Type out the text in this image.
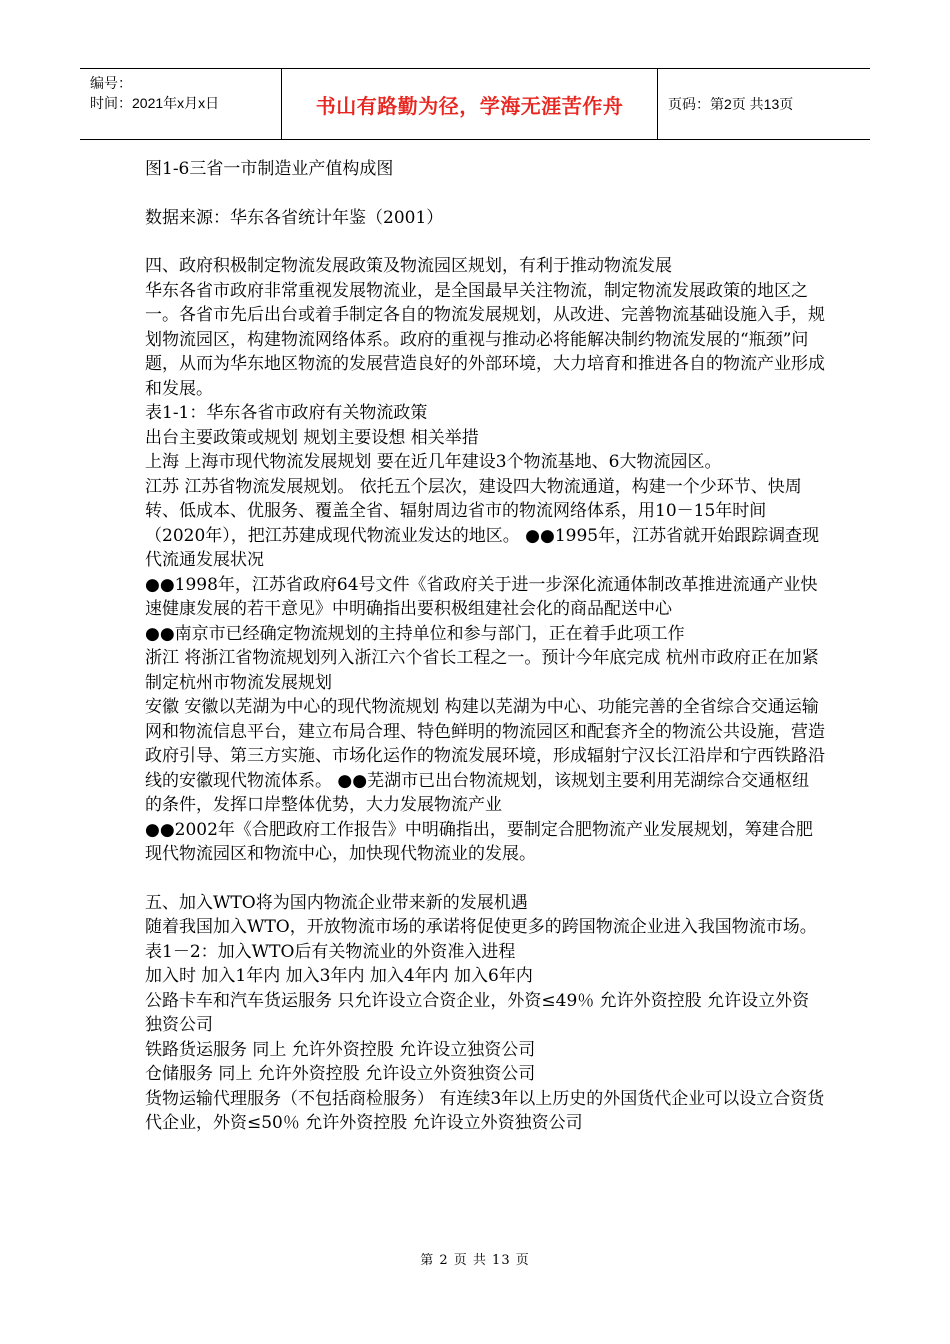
编号：
时间：2021年x月x日	书山有路勤为径，学海无涯苦作舟	页码：第2页 共13页

图1-6三省一市制造业产值构成图

数据来源：华东各省统计年鉴（2001）

四、政府积极制定物流发展政策及物流园区规划，有利于推动物流发展

华东各省市政府非常重视发展物流业，是全国最早关注物流，制定物流发展政策的地区之一。各省市先后出台或着手制定各自的物流发展规划，从改进、完善物流基础设施入手，规划物流园区，构建物流网络体系。政府的重视与推动必将能解决制约物流发展的“瓶颈”问题，从而为华东地区物流的发展营造良好的外部环境，大力培育和推进各自的物流产业形成和发展。

表1-1：华东各省市政府有关物流政策

出台主要政策或规划 规划主要设想 相关举措

上海 上海市现代物流发展规划 要在近几年建设3个物流基地、6大物流园区。

江苏 江苏省物流发展规划。 依托五个层次，建设四大物流通道，构建一个少环节、快周转、低成本、优服务、覆盖全省、辐射周边省市的物流网络体系，用10－15年时间（2020年），把江苏建成现代物流业发达的地区。 ●●1995年，江苏省就开始跟踪调查现代流通发展状况

●●1998年，江苏省政府64号文件《省政府关于进一步深化流通体制改革推进流通产业快速健康发展的若干意见》中明确指出要积极组建社会化的商品配送中心

●●南京市已经确定物流规划的主持单位和参与部门，正在着手此项工作

浙江 将浙江省物流规划列入浙江六个省长工程之一。预计今年底完成 杭州市政府正在加紧制定杭州市物流发展规划

安徽 安徽以芜湖为中心的现代物流规划 构建以芜湖为中心、功能完善的全省综合交通运输网和物流信息平台，建立布局合理、特色鲜明的物流园区和配套齐全的物流公共设施，营造政府引导、第三方实施、市场化运作的物流发展环境，形成辐射宁汉长江沿岸和宁西铁路沿线的安徽现代物流体系。 ●●芜湖市已出台物流规划，该规划主要利用芜湖综合交通枢纽的条件，发挥口岸整体优势，大力发展物流产业

●●2002年《合肥政府工作报告》中明确指出，要制定合肥物流产业发展规划，筹建合肥现代物流园区和物流中心，加快现代物流业的发展。

五、加入WTO将为国内物流企业带来新的发展机遇

随着我国加入WTO，开放物流市场的承诺将促使更多的跨国物流企业进入我国物流市场。

表1－2：加入WTO后有关物流业的外资准入进程

加入时 加入1年内 加入3年内 加入4年内 加入6年内

公路卡车和汽车货运服务 只允许设立合资企业，外资≤49％ 允许外资控股 允许设立外资独资公司

铁路货运服务 同上 允许外资控股 允许设立独资公司

仓储服务 同上 允许外资控股 允许设立外资独资公司

货物运输代理服务（不包括商检服务） 有连续3年以上历史的外国货代企业可以设立合资货代企业，外资≤50％ 允许外资控股 允许设立外资独资公司

第 2 页 共 13 页
